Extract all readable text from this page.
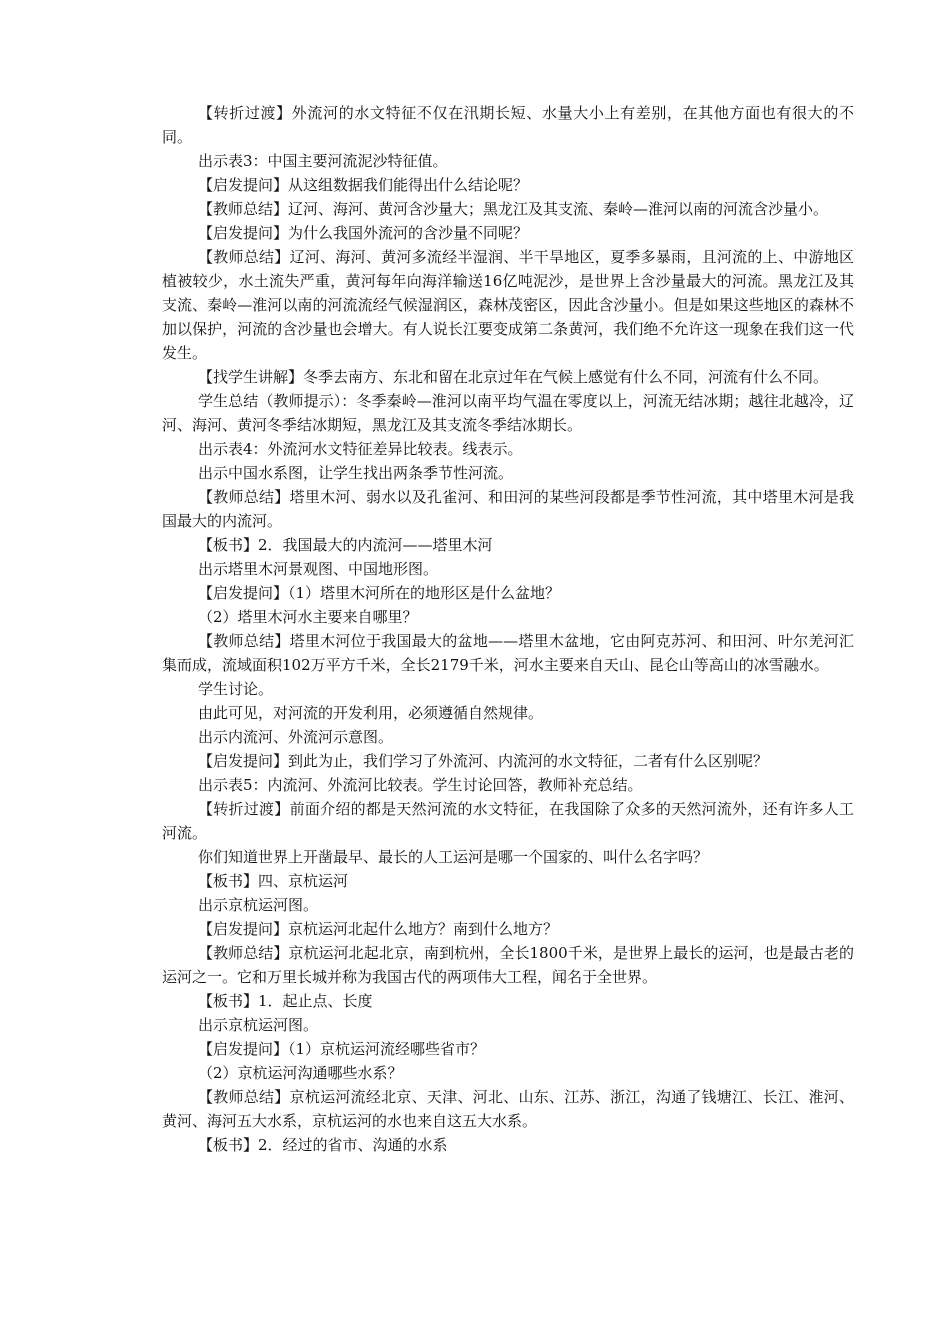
【转折过渡】外流河的水文特征不仅在汛期长短、水量大小上有差别，在其他方面也有很大的不同。

出示表3：中国主要河流泥沙特征值。

【启发提问】从这组数据我们能得出什么结论呢？

【教师总结】辽河、海河、黄河含沙量大；黑龙江及其支流、秦岭—淮河以南的河流含沙量小。

【启发提问】为什么我国外流河的含沙量不同呢？

【教师总结】辽河、海河、黄河多流经半湿润、半干旱地区，夏季多暴雨，且河流的上、中游地区植被较少，水土流失严重，黄河每年向海洋输送16亿吨泥沙，是世界上含沙量最大的河流。黑龙江及其支流、秦岭—淮河以南的河流流经气候湿润区，森林茂密区，因此含沙量小。但是如果这些地区的森林不加以保护，河流的含沙量也会增大。有人说长江要变成第二条黄河，我们绝不允许这一现象在我们这一代发生。

【找学生讲解】冬季去南方、东北和留在北京过年在气候上感觉有什么不同，河流有什么不同。

学生总结（教师提示）：冬季秦岭—淮河以南平均气温在零度以上，河流无结冰期；越往北越冷，辽河、海河、黄河冬季结冰期短，黑龙江及其支流冬季结冰期长。

出示表4：外流河水文特征差异比较表。线表示。

出示中国水系图，让学生找出两条季节性河流。

【教师总结】塔里木河、弱水以及孔雀河、和田河的某些河段都是季节性河流，其中塔里木河是我国最大的内流河。

【板书】2．我国最大的内流河——塔里木河

出示塔里木河景观图、中国地形图。

【启发提问】（1）塔里木河所在的地形区是什么盆地？

（2）塔里木河水主要来自哪里？

【教师总结】塔里木河位于我国最大的盆地——塔里木盆地，它由阿克苏河、和田河、叶尔羌河汇集而成，流域面积102万平方千米，全长2179千米，河水主要来自天山、昆仑山等高山的冰雪融水。

学生讨论。

由此可见，对河流的开发利用，必须遵循自然规律。

出示内流河、外流河示意图。

【启发提问】到此为止，我们学习了外流河、内流河的水文特征，二者有什么区别呢？

出示表5：内流河、外流河比较表。学生讨论回答，教师补充总结。

【转折过渡】前面介绍的都是天然河流的水文特征，在我国除了众多的天然河流外，还有许多人工河流。

你们知道世界上开凿最早、最长的人工运河是哪一个国家的、叫什么名字吗？

【板书】四、京杭运河

出示京杭运河图。

【启发提问】京杭运河北起什么地方？南到什么地方？

【教师总结】京杭运河北起北京，南到杭州，全长1800千米，是世界上最长的运河，也是最古老的运河之一。它和万里长城并称为我国古代的两项伟大工程，闻名于全世界。

【板书】1．起止点、长度

出示京杭运河图。

【启发提问】（1）京杭运河流经哪些省市？

（2）京杭运河沟通哪些水系？

【教师总结】京杭运河流经北京、天津、河北、山东、江苏、浙江，沟通了钱塘江、长江、淮河、黄河、海河五大水系，京杭运河的水也来自这五大水系。

【板书】2．经过的省市、沟通的水系
